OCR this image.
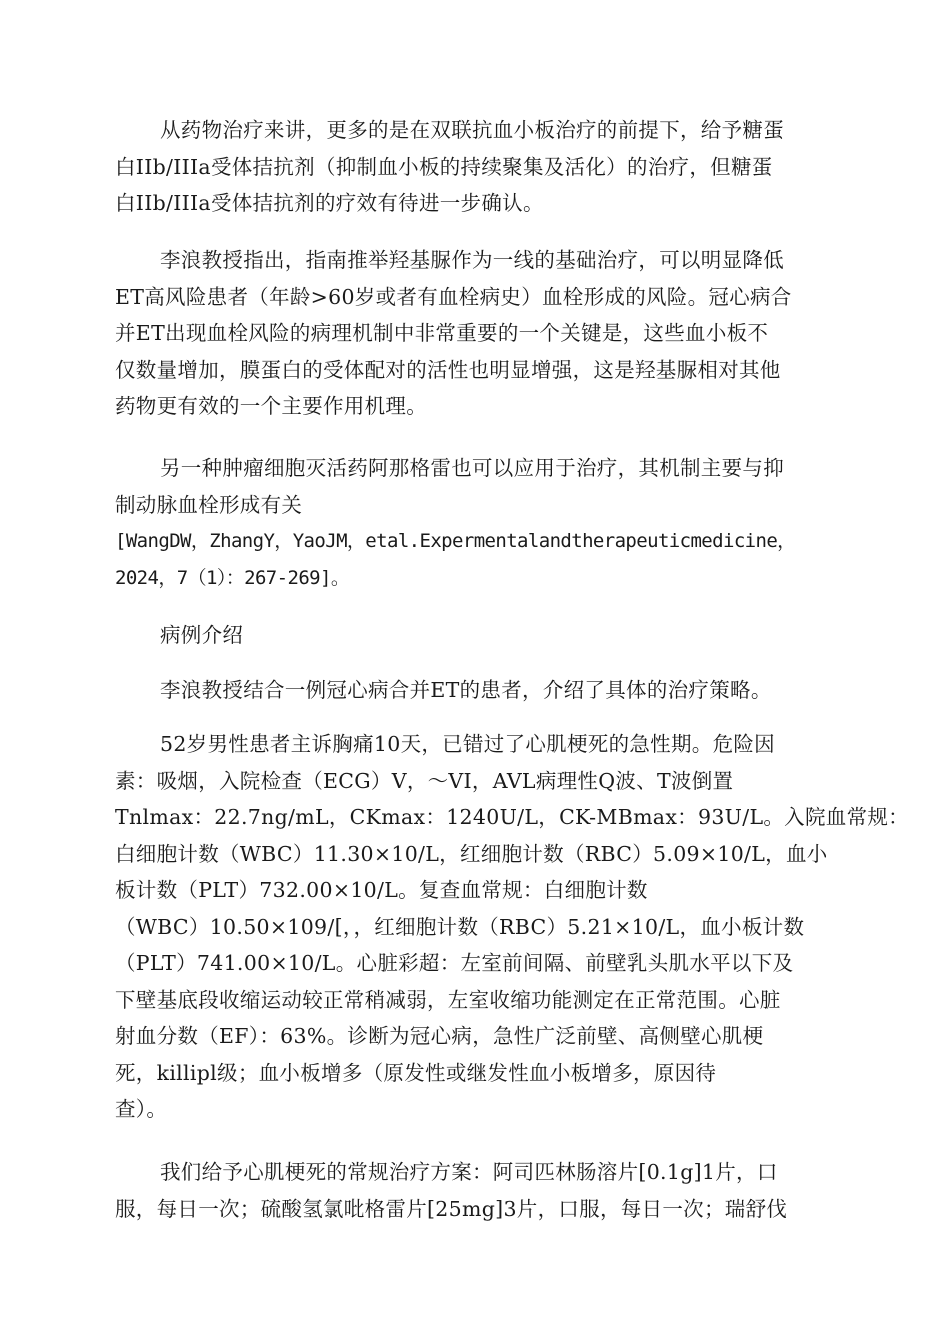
从药物治疗来讲，更多的是在双联抗血小板治疗的前提下，给予糖蛋
白IIb/IIIa受体拮抗剂（抑制血小板的持续聚集及活化）的治疗，但糖蛋
白IIb/IIIa受体拮抗剂的疗效有待进一步确认。

李浪教授指出，指南推举羟基脲作为一线的基础治疗，可以明显降低
ET高风险患者（年龄>60岁或者有血栓病史）血栓形成的风险。冠心病合
并ET出现血栓风险的病理机制中非常重要的一个关键是，这些血小板不
仅数量增加，膜蛋白的受体配对的活性也明显增强，这是羟基脲相对其他
药物更有效的一个主要作用机理。

另一种肿瘤细胞灭活药阿那格雷也可以应用于治疗，其机制主要与抑
制动脉血栓形成有关
[WangDW，ZhangY，YaoJM，etal.Expermentalandtherapeuticmedicine，
2024，7（1）：267-269]。

病例介绍

李浪教授结合一例冠心病合并ET的患者，介绍了具体的治疗策略。

52岁男性患者主诉胸痛10天，已错过了心肌梗死的急性期。危险因
素：吸烟，入院检查（ECG）V，～VI，AVL病理性Q波、T波倒置
Tnlmax：22.7ng/mL，CKmax：1240U/L，CK-MBmax：93U/L。入院血常规：
白细胞计数（WBC）11.30×10/L，红细胞计数（RBC）5.09×10/L，血小
板计数（PLT）732.00×10/L。复查血常规：白细胞计数
（WBC）10.50×109/[，，红细胞计数（RBC）5.21×10/L，血小板计数
（PLT）741.00×10/L。心脏彩超：左室前间隔、前壁乳头肌水平以下及
下壁基底段收缩运动较正常稍减弱，左室收缩功能测定在正常范围。心脏
射血分数（EF）：63%。诊断为冠心病，急性广泛前壁、高侧壁心肌梗
死，killipl级；血小板增多（原发性或继发性血小板增多，原因待
查）。

我们给予心肌梗死的常规治疗方案：阿司匹林肠溶片[0.1g]1片，口
服，每日一次；硫酸氢氯吡格雷片[25mg]3片，口服，每日一次；瑞舒伐
